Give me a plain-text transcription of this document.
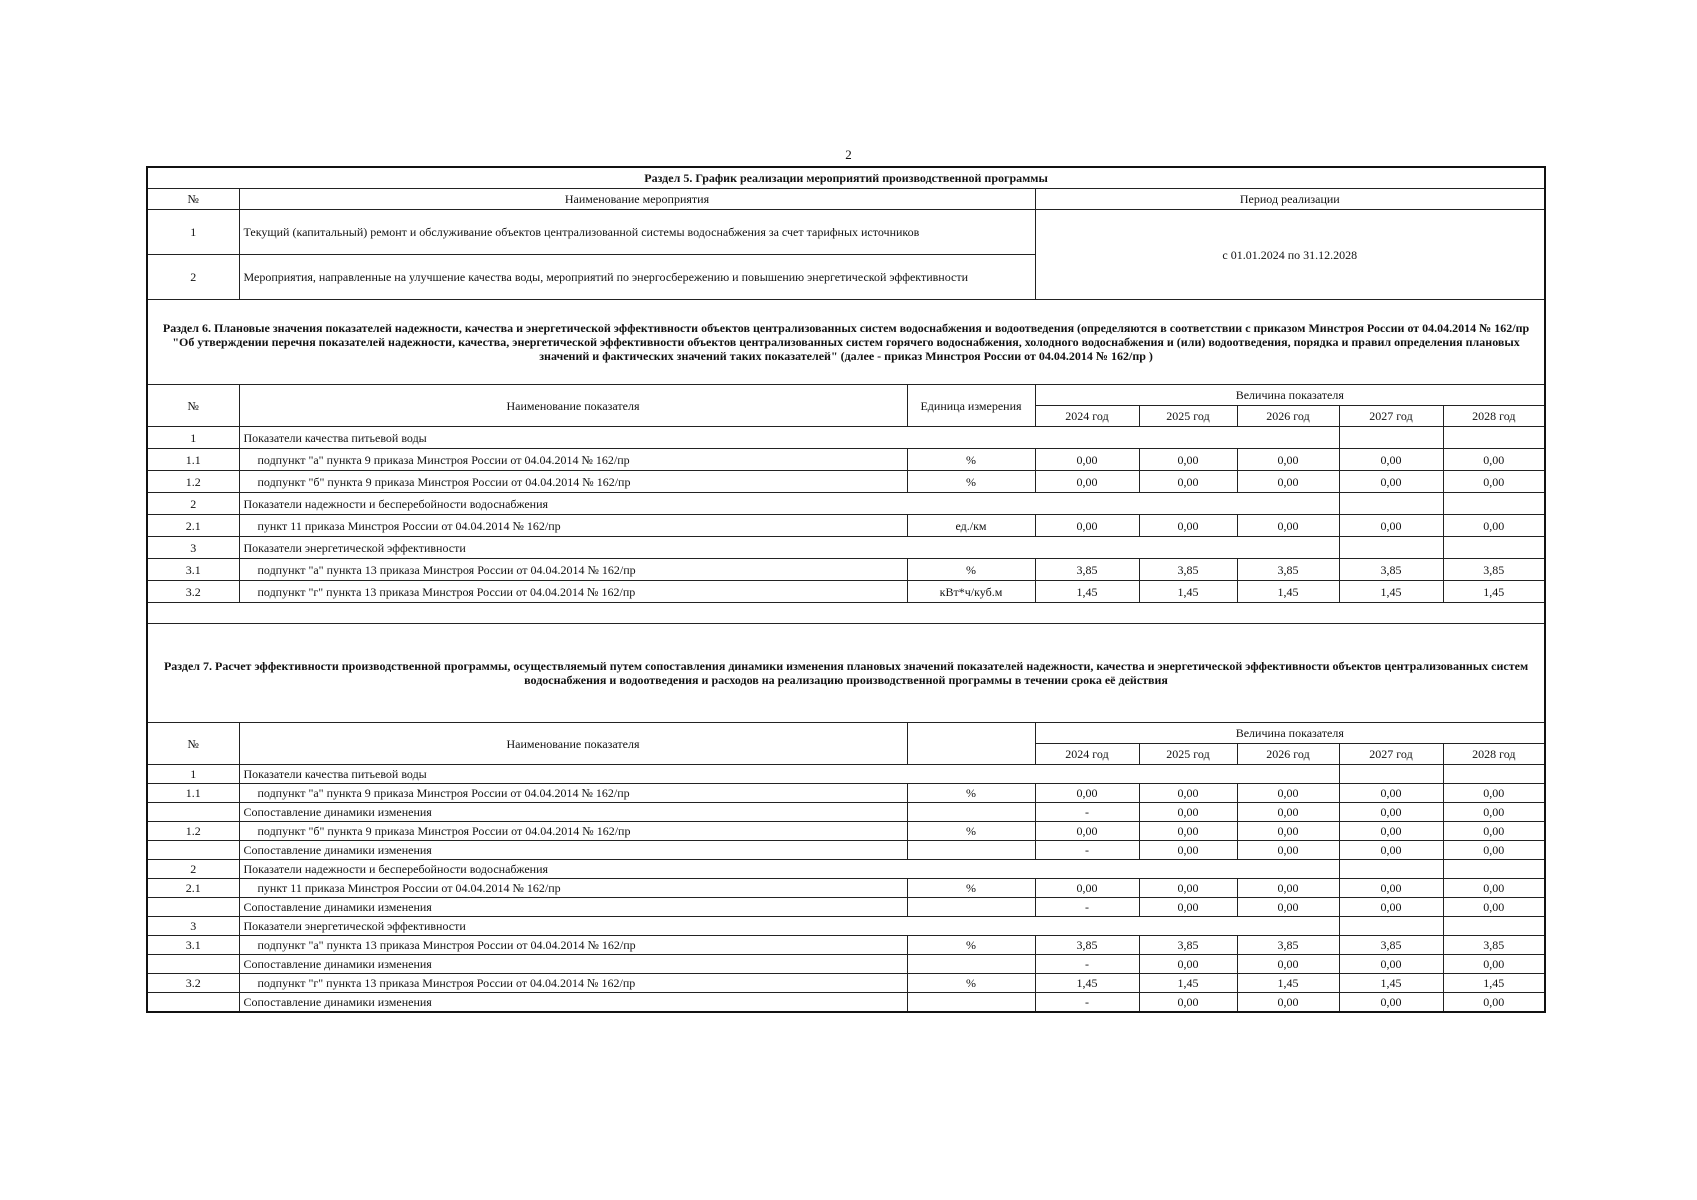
2
Раздел 5. График реализации мероприятий производственной программы							
№	Наименование мероприятия		Период реализации				
1	Текущий (капитальный) ремонт и обслуживание объектов централизованной системы водоснабжения за счет тарифных источников		с 01.01.2024 по 31.12.2028				
2	Мероприятия, направленные на улучшение качества воды, мероприятий по энергосбережению и повышению энергетической эффективности						
Раздел 6. Плановые значения показателей надежности, качества и энергетической эффективности объектов централизованных систем водоснабжения и водоотведения (определяются в соответствии с приказом Минстроя России от 04.04.2014 № 162/пр "Об утверждении перечня показателей надежности, качества, энергетической эффективности объектов централизованных систем горячего водоснабжения, холодного водоснабжения и (или) водоотведения, порядка и правил определения плановых значений и фактических значений таких показателей" (далее - приказ Минстроя России от 04.04.2014 № 162/пр )							
№	Наименование показателя	Единица измерения	Величина показателя				
			2024 год	2025 год	2026 год	2027 год	2028 год
1	Показатели качества питьевой воды						
1.1	подпункт "а" пункта 9 приказа Минстроя России от 04.04.2014 № 162/пр	%	0,00	0,00	0,00	0,00	0,00
1.2	подпункт "б" пункта 9 приказа Минстроя России от 04.04.2014 № 162/пр	%	0,00	0,00	0,00	0,00	0,00
2	Показатели надежности и бесперебойности водоснабжения						
2.1	пункт 11 приказа Минстроя России от 04.04.2014 № 162/пр	ед./км	0,00	0,00	0,00	0,00	0,00
3	Показатели энергетической эффективности						
3.1	подпункт "а" пункта 13 приказа Минстроя России от 04.04.2014 № 162/пр	%	3,85	3,85	3,85	3,85	3,85
3.2	подпункт "г" пункта 13 приказа Минстроя России от 04.04.2014 № 162/пр	кВт*ч/куб.м	1,45	1,45	1,45	1,45	1,45

Раздел 7. Расчет эффективности производственной программы, осуществляемый путем сопоставления динамики изменения плановых значений показателей надежности, качества и энергетической эффективности объектов централизованных систем водоснабжения и водоотведения и расходов на реализацию производственной программы в течении срока её действия							
№	Наименование показателя		Величина показателя				
			2024 год	2025 год	2026 год	2027 год	2028 год
1	Показатели качества питьевой воды						
1.1	подпункт "а" пункта 9 приказа Минстроя России от 04.04.2014 № 162/пр	%	0,00	0,00	0,00	0,00	0,00
	Сопоставление динамики изменения		-	0,00	0,00	0,00	0,00
1.2	подпункт "б" пункта 9 приказа Минстроя России от 04.04.2014 № 162/пр	%	0,00	0,00	0,00	0,00	0,00
	Сопоставление динамики изменения		-	0,00	0,00	0,00	0,00
2	Показатели надежности и бесперебойности водоснабжения						
2.1	пункт 11 приказа Минстроя России от 04.04.2014 № 162/пр	%	0,00	0,00	0,00	0,00	0,00
	Сопоставление динамики изменения		-	0,00	0,00	0,00	0,00
3	Показатели энергетической эффективности						
3.1	подпункт "а" пункта 13 приказа Минстроя России от 04.04.2014 № 162/пр	%	3,85	3,85	3,85	3,85	3,85
	Сопоставление динамики изменения		-	0,00	0,00	0,00	0,00
3.2	подпункт "г" пункта 13 приказа Минстроя России от 04.04.2014 № 162/пр	%	1,45	1,45	1,45	1,45	1,45
	Сопоставление динамики изменения		-	0,00	0,00	0,00	0,00
